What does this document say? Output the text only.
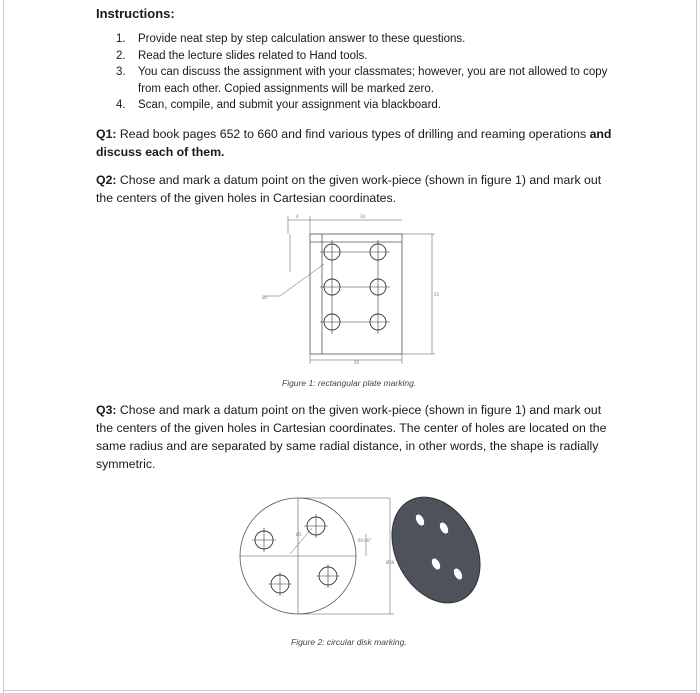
Instructions:
1. Provide neat step by step calculation answer to these questions.
2. Read the lecture slides related to Hand tools.
3. You can discuss the assignment with your classmates; however, you are not allowed to copy from each other. Copied assignments will be marked zero.
4. Scan, compile, and submit your assignment via blackboard.
Q1: Read book pages 652 to 660 and find various types of drilling and reaming operations and discuss each of them.
Q2: Chose and mark a datum point on the given work-piece (shown in figure 1) and mark out the centers of the given holes in Cartesian coordinates.
4	10
Ø5
25
20
Figure 1: rectangular plate marking.
Q3: Chose and mark a datum point on the given work-piece (shown in figure 1) and mark out the centers of the given holes in Cartesian coordinates. The center of holes are located on the same radius and are separated by same radial distance, in other words, the shape is radially symmetric.
Ø5
60.00°
Ø30
Figure 2: circular disk marking.
